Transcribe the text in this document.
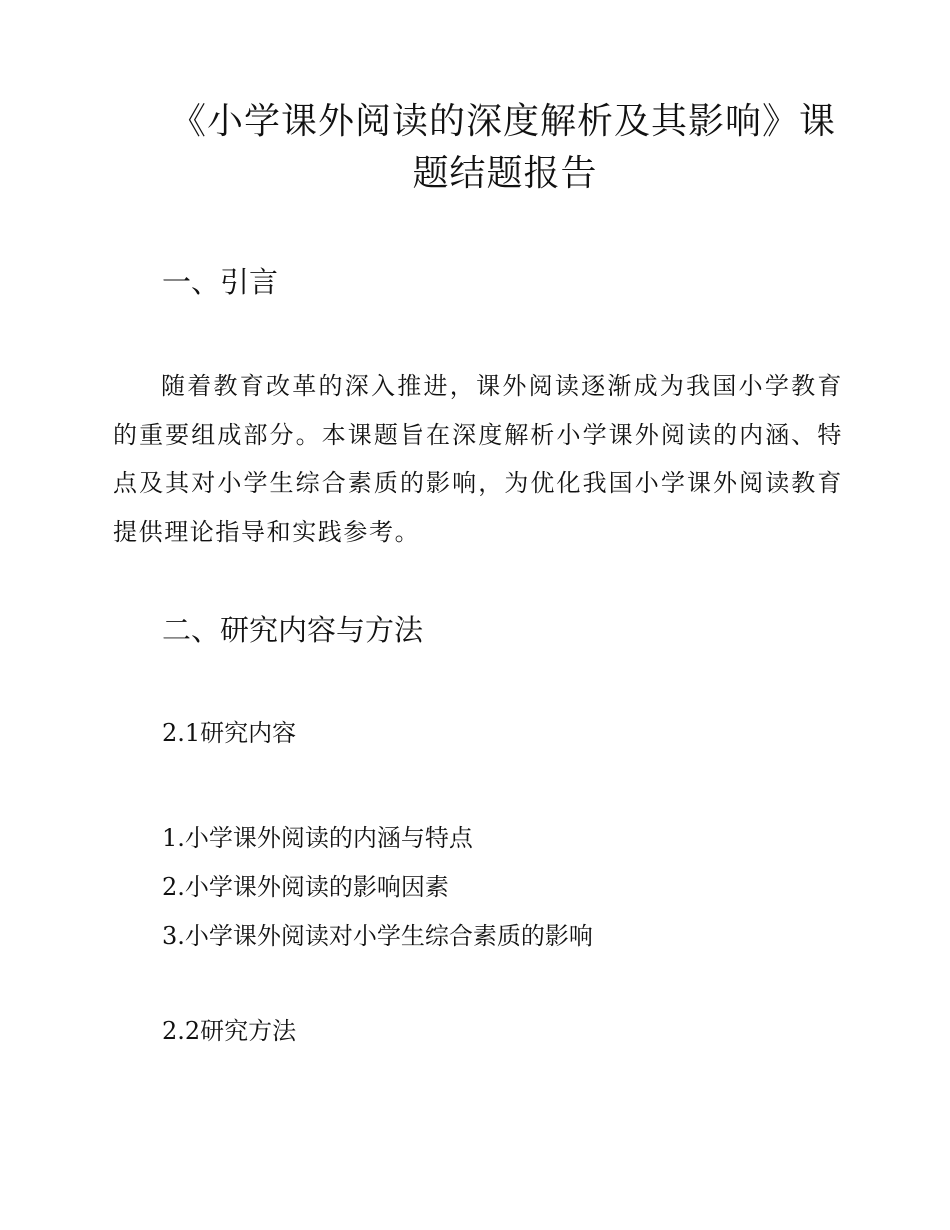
《小学课外阅读的深度解析及其影响》课
题结题报告
一、引言

随着教育改革的深入推进，课外阅读逐渐成为我国小学教育的重要组成部分。本课题旨在深度解析小学课外阅读的内涵、特点及其对小学生综合素质的影响，为优化我国小学课外阅读教育提供理论指导和实践参考。

二、研究内容与方法
2.1研究内容
1.小学课外阅读的内涵与特点
2.小学课外阅读的影响因素
3.小学课外阅读对小学生综合素质的影响
2.2研究方法
